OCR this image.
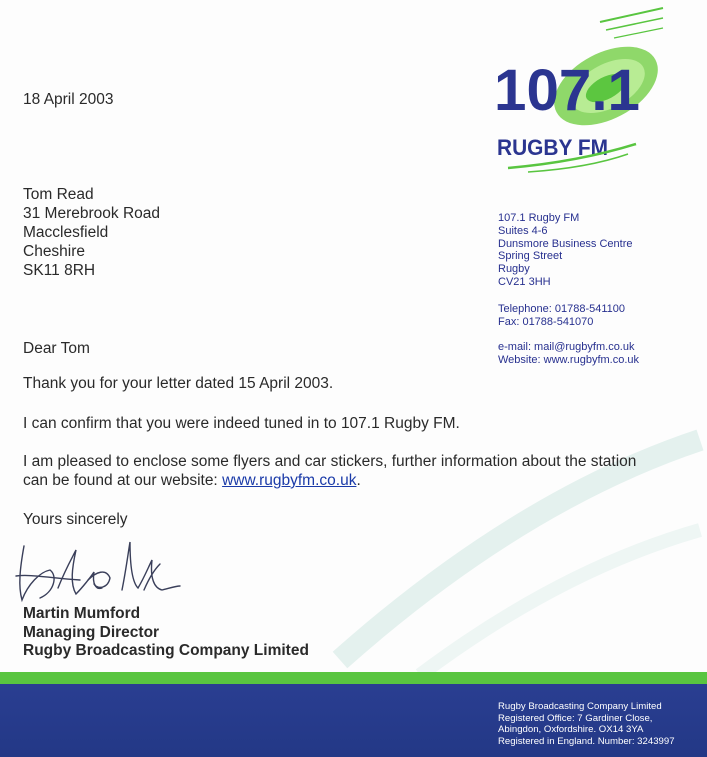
18 April 2003
Tom Read
31 Merebrook Road
Macclesfield
Cheshire
SK11 8RH
107.1
RUGBY FM
107.1 Rugby FM
Suites 4-6
Dunsmore Business Centre
Spring Street
Rugby
CV21 3HH
Telephone: 01788-541100
Fax: 01788-541070
e-mail: mail@rugbyfm.co.uk
Website: www.rugbyfm.co.uk
Dear Tom
Thank you for your letter dated 15 April 2003.
I can confirm that you were indeed tuned in to 107.1 Rugby FM.
I am pleased to enclose some flyers and car stickers, further information about the station
can be found at our website: www.rugbyfm.co.uk.
Yours sincerely
Martin Mumford
Managing Director
Rugby Broadcasting Company Limited
Rugby Broadcasting Company Limited
Registered Office: 7 Gardiner Close,
Abingdon, Oxfordshire. OX14 3YA
Registered in England. Number: 3243997
